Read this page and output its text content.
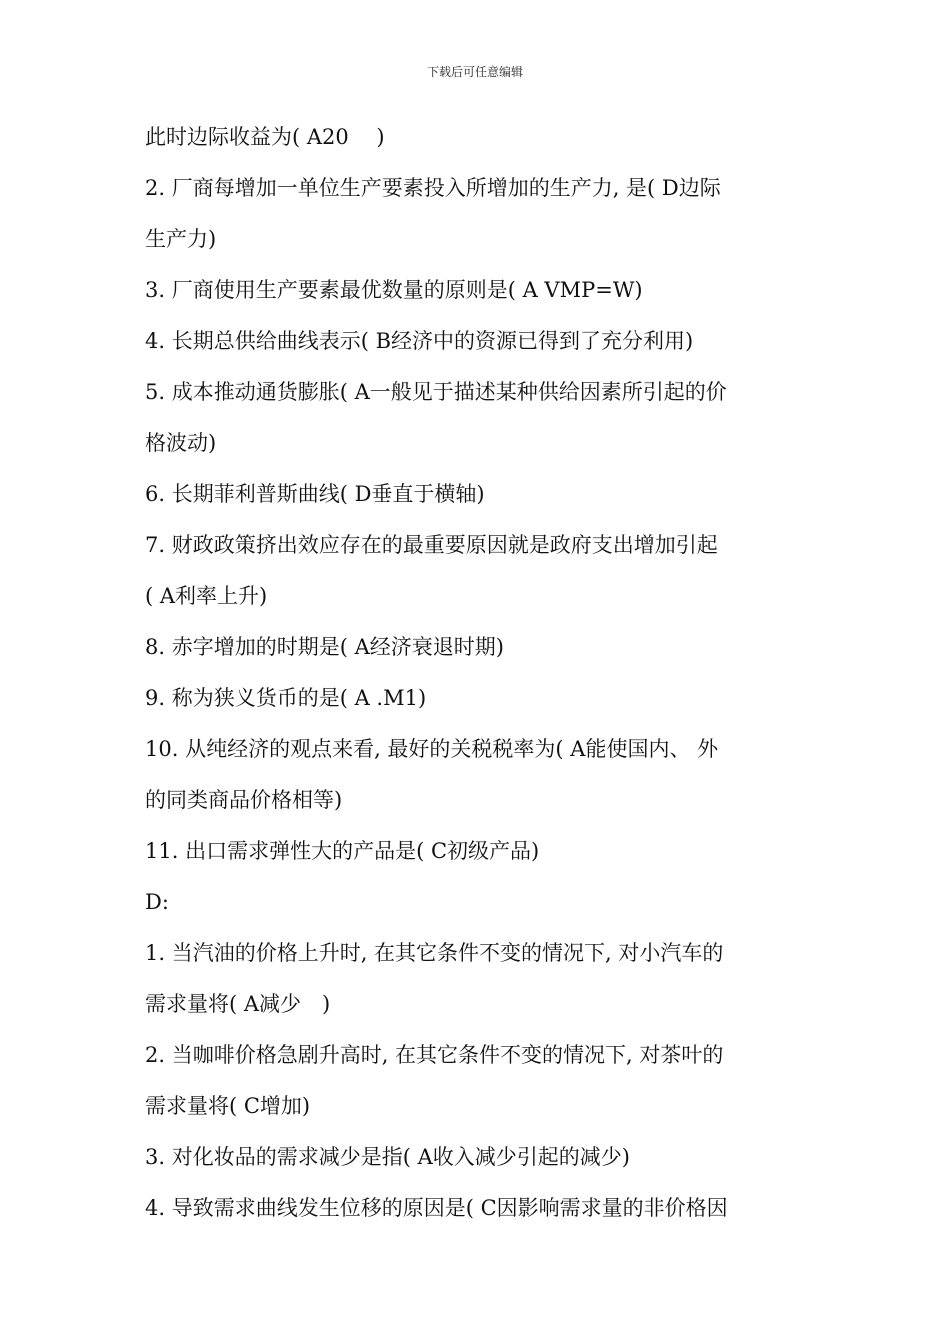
下载后可任意编辑
此时边际收益为( A20　 )
2. 厂商每增加一单位生产要素投入所增加的生产力, 是( D边际
生产力)
3. 厂商使用生产要素最优数量的原则是( A VMP=W)
4. 长期总供给曲线表示( B经济中的资源已得到了充分利用)
5. 成本推动通货膨胀( A一般见于描述某种供给因素所引起的价
格波动)
6. 长期菲利普斯曲线( D垂直于横轴)
7. 财政政策挤出效应存在的最重要原因就是政府支出增加引起
( A利率上升)
8. 赤字增加的时期是( A经济衰退时期)
9. 称为狭义货币的是( A .M1)
10. 从纯经济的观点来看, 最好的关税税率为( A能使国内、 外
的同类商品价格相等)
11. 出口需求弹性大的产品是( C初级产品)
D:
1. 当汽油的价格上升时, 在其它条件不变的情况下, 对小汽车的
需求量将( A减少　)
2. 当咖啡价格急剧升高时, 在其它条件不变的情况下, 对茶叶的
需求量将( C增加)
3. 对化妆品的需求减少是指( A收入减少引起的减少)
4. 导致需求曲线发生位移的原因是( C因影响需求量的非价格因
